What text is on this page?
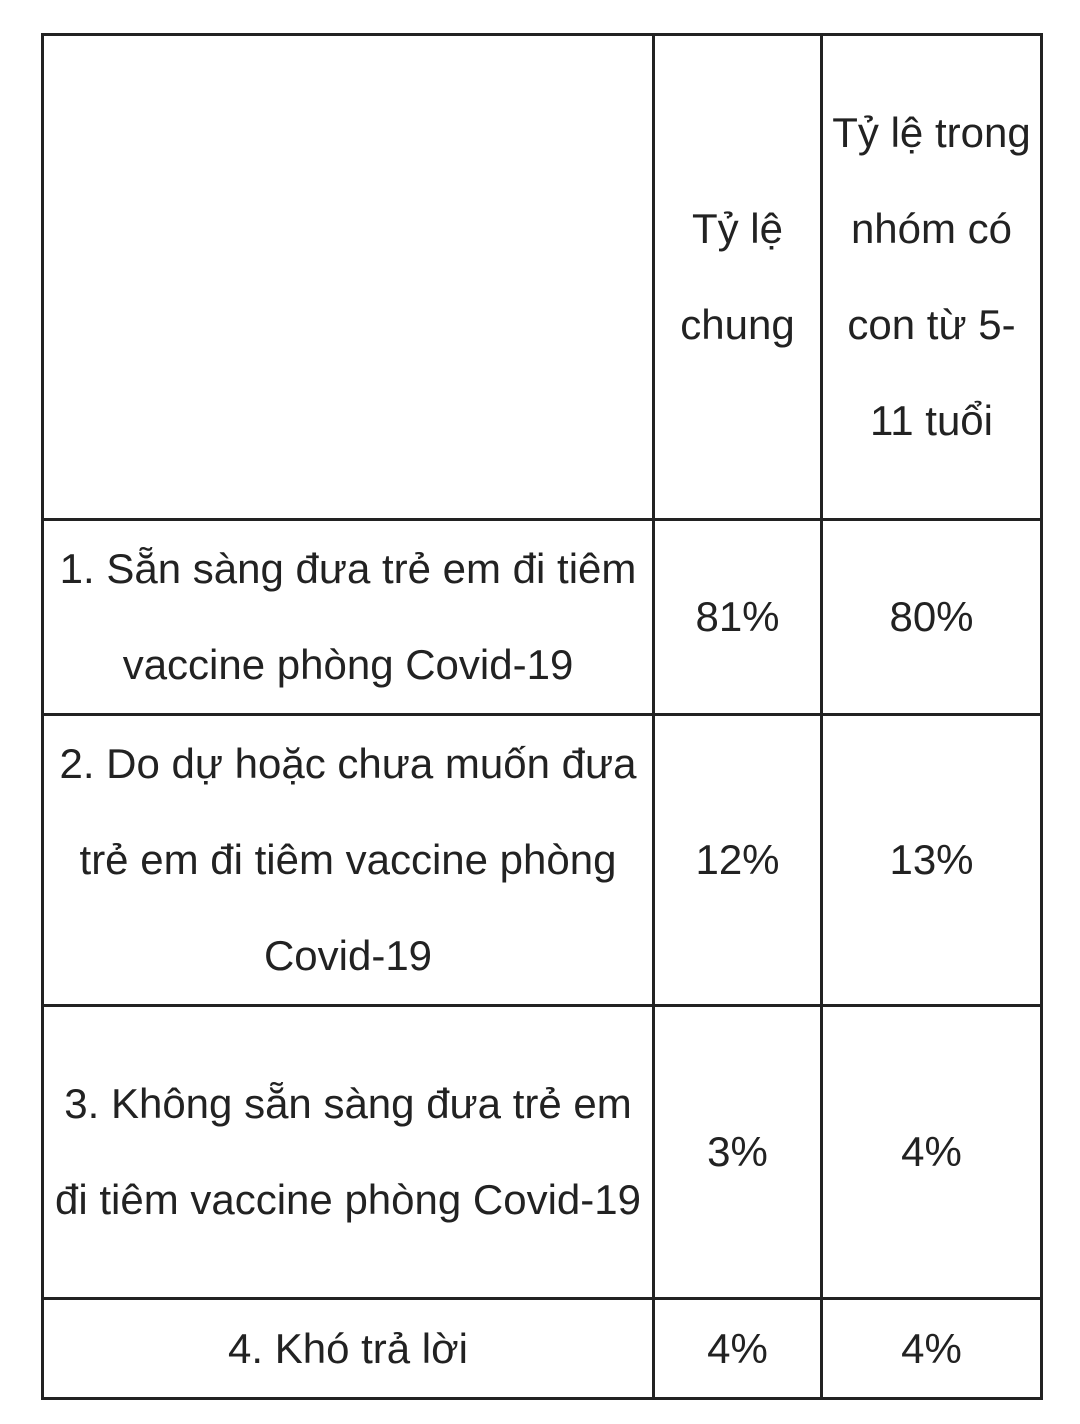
	Tỷ lệ chung	Tỷ lệ trong nhóm có con từ 5-11 tuổi
1. Sẵn sàng đưa trẻ em đi tiêm vaccine phòng Covid-19	81%	80%
2. Do dự hoặc chưa muốn đưa trẻ em đi tiêm vaccine phòng Covid-19	12%	13%
3. Không sẵn sàng đưa trẻ em đi tiêm vaccine phòng Covid-19	3%	4%
4. Khó trả lời	4%	4%
